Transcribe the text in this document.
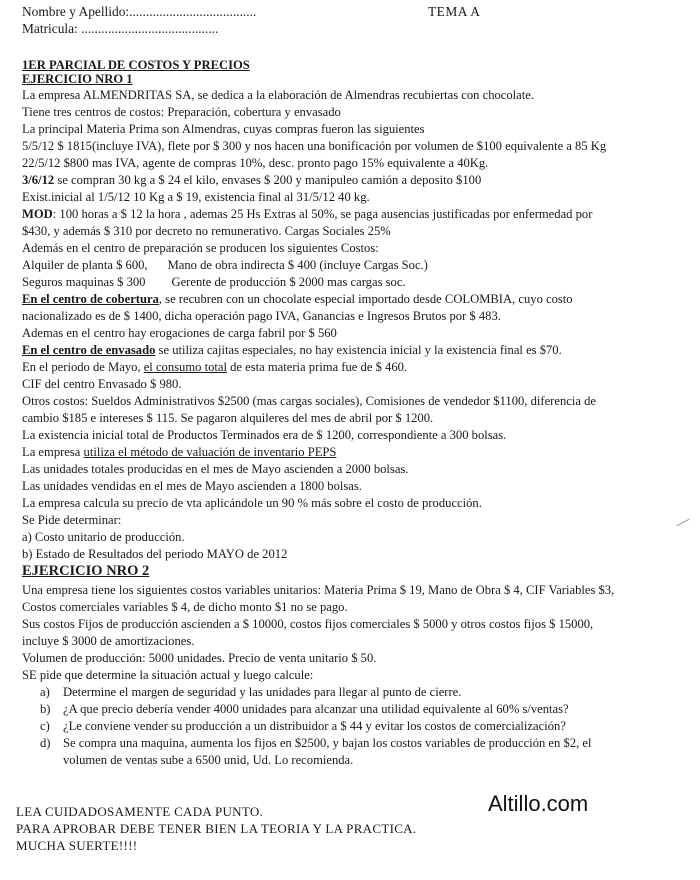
Nombre y Apellido:......................................
Matricula: .........................................
TEMA A
1ER PARCIAL DE COSTOS Y PRECIOS
EJERCICIO NRO 1
La empresa ALMENDRITAS SA, se dedica a la elaboración de Almendras recubiertas con chocolate.
Tiene tres centros de costos: Preparación, cobertura y envasado
La principal Materia Prima son Almendras, cuyas compras fueron las siguientes
5/5/12 $ 1815(incluye IVA), flete por $ 300 y nos hacen una bonificación por volumen de $100 equivalente a 85 Kg
22/5/12 $800 mas IVA, agente de compras 10%, desc. pronto pago 15% equivalente a 40Kg.
3/6/12 se compran 30 kg a $ 24 el kilo, envases $ 200 y manipuleo camión a deposito $100
Exist.inicial al 1/5/12 10 Kg a $ 19, existencia final al 31/5/12 40 kg.
MOD: 100 horas a $ 12 la hora , ademas 25 Hs Extras al 50%, se paga ausencias justificadas por enfermedad por
$430, y además $ 310 por decreto no remunerativo. Cargas Sociales 25%
Además en el centro de preparación se producen los siguientes Costos:
Alquiler de planta $ 600, Mano de obra indirecta $ 400 (incluye Cargas Soc.)
Seguros maquinas $ 300 Gerente de producción $ 2000 mas cargas soc.
En el centro de cobertura, se recubren con un chocolate especial importado desde COLOMBIA, cuyo costo
nacionalizado es de $ 1400, dicha operación pago IVA, Ganancias e Ingresos Brutos por $ 483.
Ademas en el centro hay erogaciones de carga fabril por $ 560
En el centro de envasado se utiliza cajitas especiales, no hay existencia inicial y la existencia final es $70.
En el periodo de Mayo, el consumo total de esta materia prima fue de $ 460.
CIF del centro Envasado $ 980.
Otros costos: Sueldos Administrativos $2500 (mas cargas sociales), Comisiones de vendedor $1100, diferencia de
cambio $185 e intereses $ 115. Se pagaron alquileres del mes de abril por $ 1200.
La existencia inicial total de Productos Terminados era de $ 1200, correspondiente a 300 bolsas.
La empresa utiliza el método de valuación de inventario PEPS
Las unidades totales producidas en el mes de Mayo ascienden a 2000 bolsas.
Las unidades vendidas en el mes de Mayo ascienden a 1800 bolsas.
La empresa calcula su precio de vta aplicándole un 90 % más sobre el costo de producción.
Se Pide determinar:
a) Costo unitario de producción.
b) Estado de Resultados del periodo MAYO de 2012
EJERCICIO NRO 2
Una empresa tiene los siguientes costos variables unitarios: Materia Prima $ 19, Mano de Obra $ 4, CIF Variables $3,
Costos comerciales variables $ 4, de dicho monto $1 no se pago.
Sus costos Fijos de producción ascienden a $ 10000, costos fijos comerciales $ 5000 y otros costos fijos $ 15000,
incluye $ 3000 de amortizaciones.
Volumen de producción: 5000 unidades. Precio de venta unitario $ 50.
SE pide que determine la situación actual y luego calcule:
a) Determine el margen de seguridad y las unidades para llegar al punto de cierre.
b) ¿A que precio debería vender 4000 unidades para alcanzar una utilidad equivalente al 60% s/ventas?
c) ¿Le conviene vender su producción a un distribuidor a $ 44 y evitar los costos de comercialización?
d) Se compra una maquina, aumenta los fijos en $2500, y bajan los costos variables de producción en $2, el
volumen de ventas sube a 6500 unid, Ud. Lo recomienda.
Altillo.com
LEA CUIDADOSAMENTE CADA PUNTO.
PARA APROBAR DEBE TENER BIEN LA TEORIA Y LA PRACTICA.
MUCHA SUERTE!!!!
